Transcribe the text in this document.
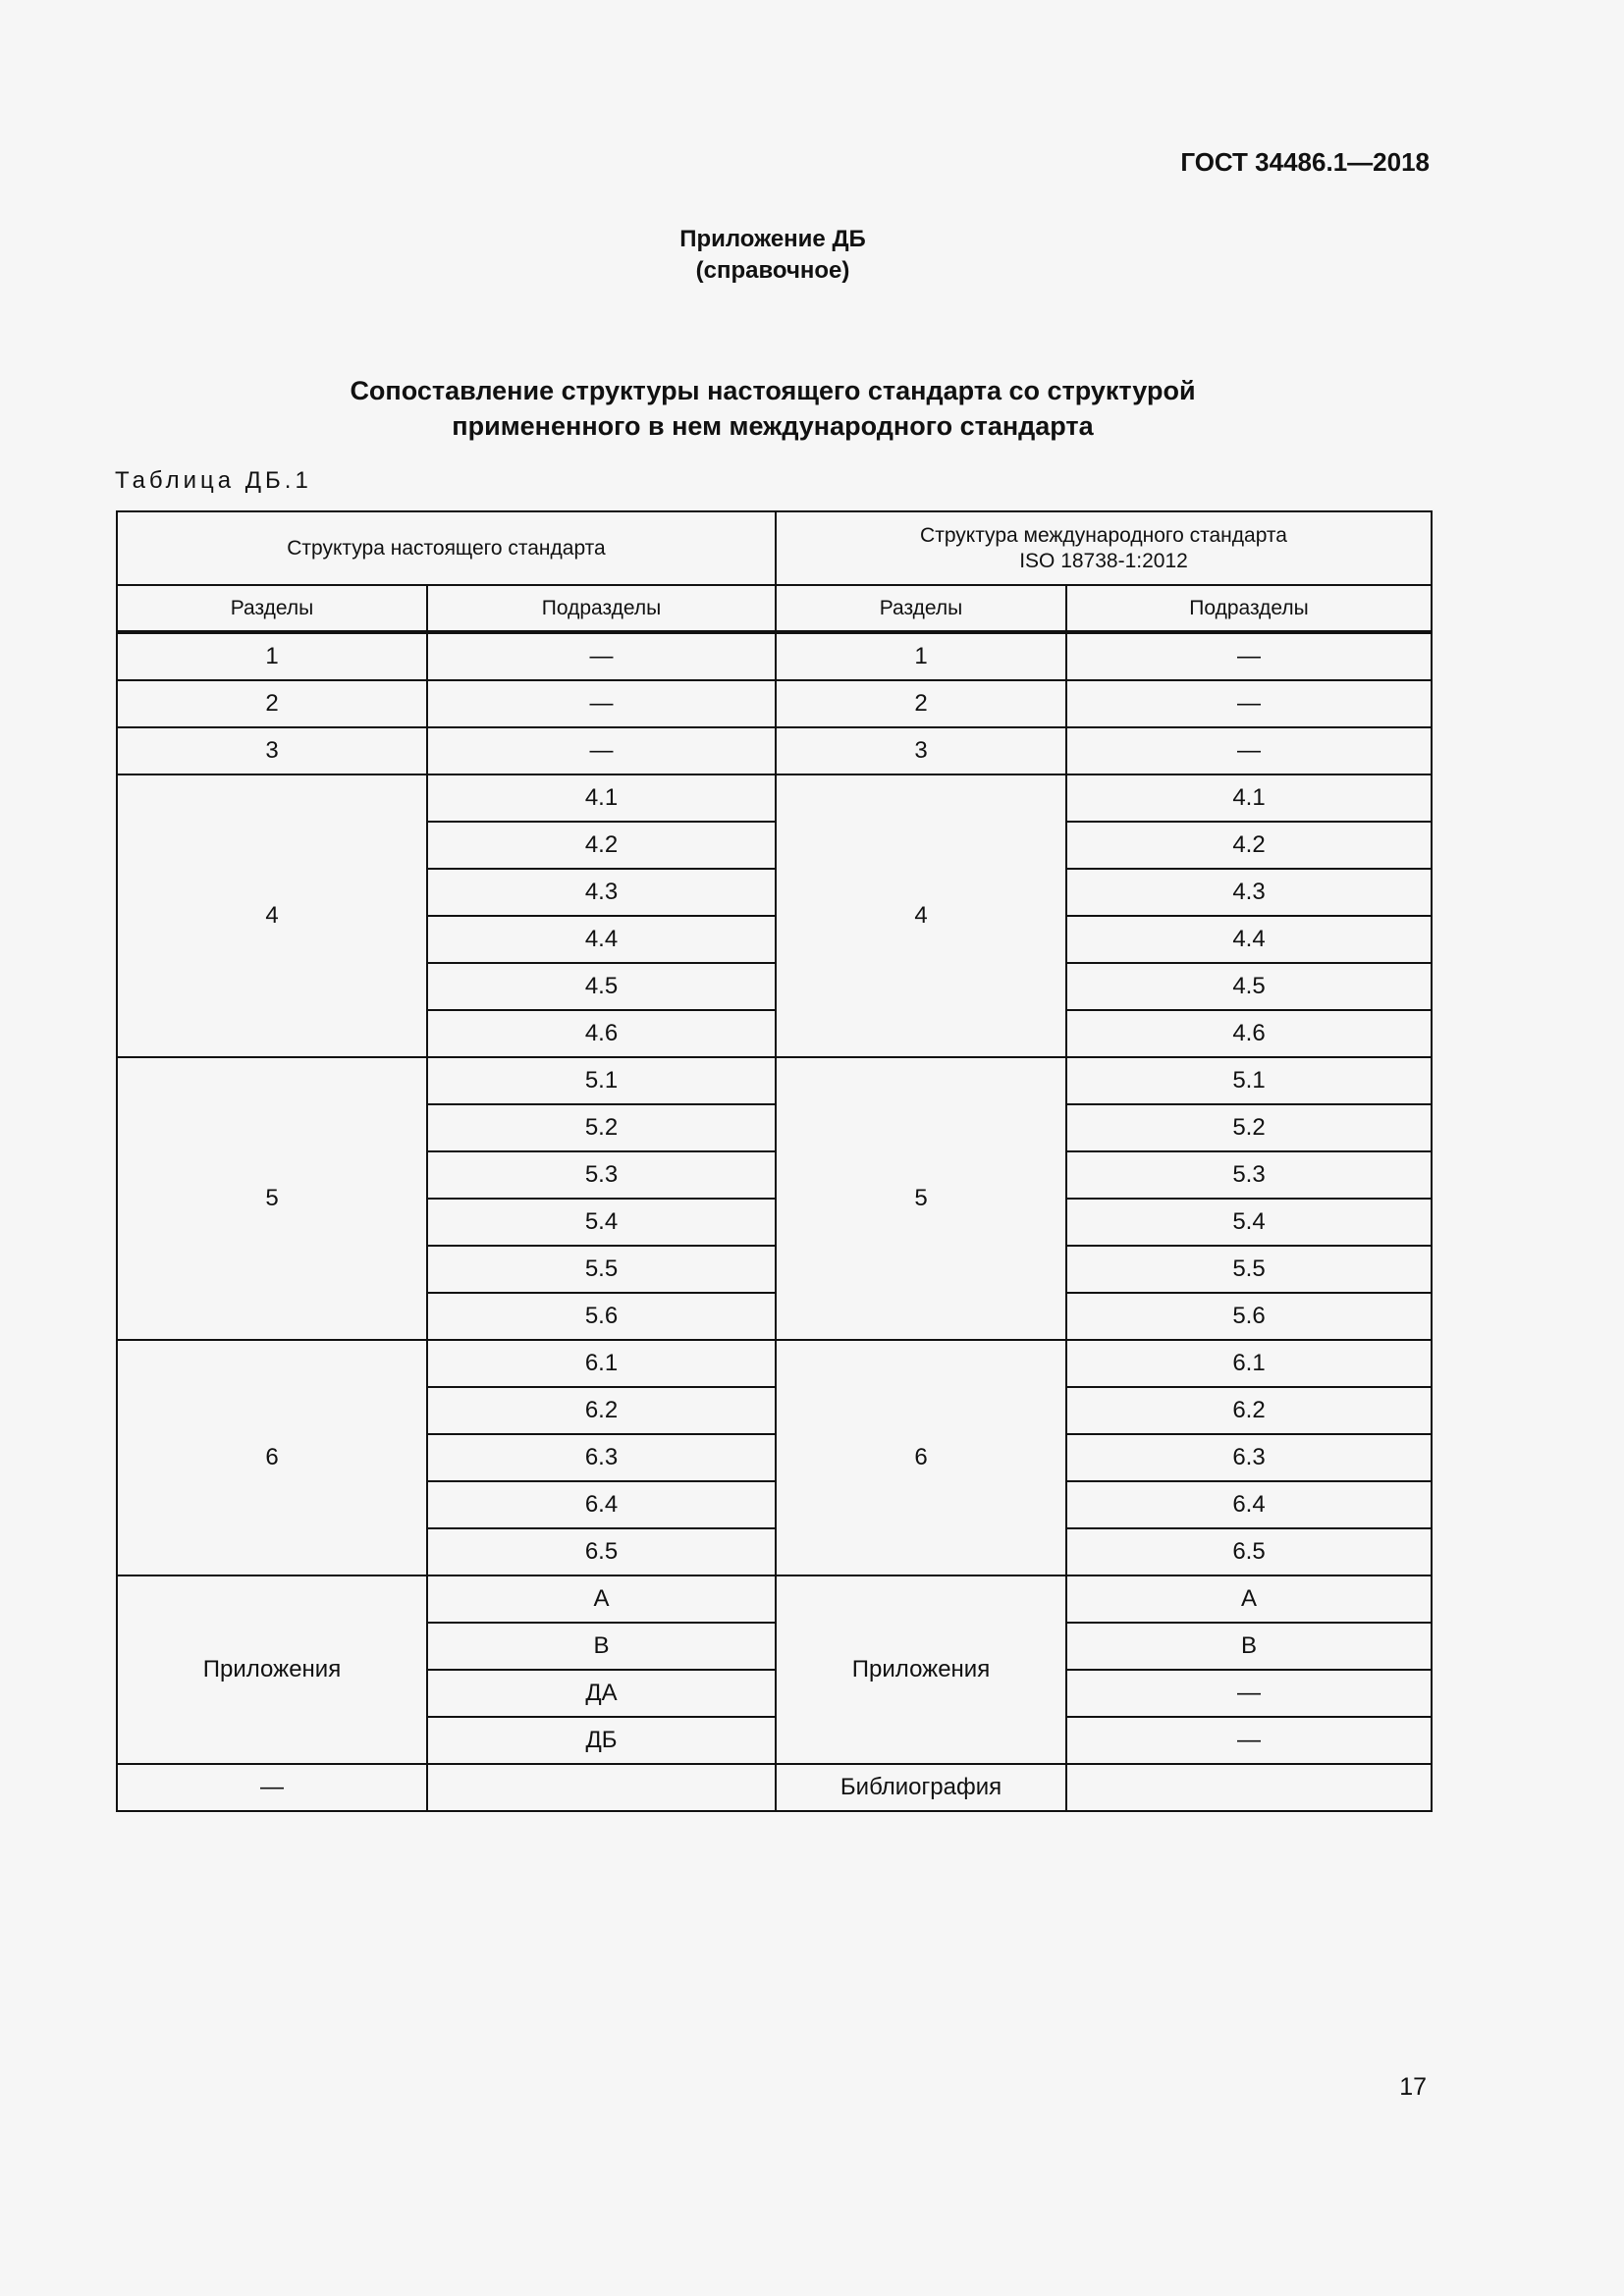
ГОСТ 34486.1—2018
Приложение ДБ
(справочное)
Сопоставление структуры настоящего стандарта со структурой
примененного в нем международного стандарта
Таблица ДБ.1
Структура настоящего стандарта		Структура международного стандарта
ISO 18738-1:2012	

Разделы	Подразделы	Разделы	Подразделы
1	—	1	—
2	—	2	—
3	—	3	—
4	4.1	4	4.1
	4.2		4.2
	4.3		4.3
	4.4		4.4
	4.5		4.5
	4.6		4.6
5	5.1	5	5.1
	5.2		5.2
	5.3		5.3
	5.4		5.4
	5.5		5.5
	5.6		5.6
6	6.1	6	6.1
	6.2		6.2
	6.3		6.3
	6.4		6.4
	6.5		6.5
Приложения	А	Приложения	А
	В		В
	ДА		—
	ДБ		—
—		Библиография	
17
